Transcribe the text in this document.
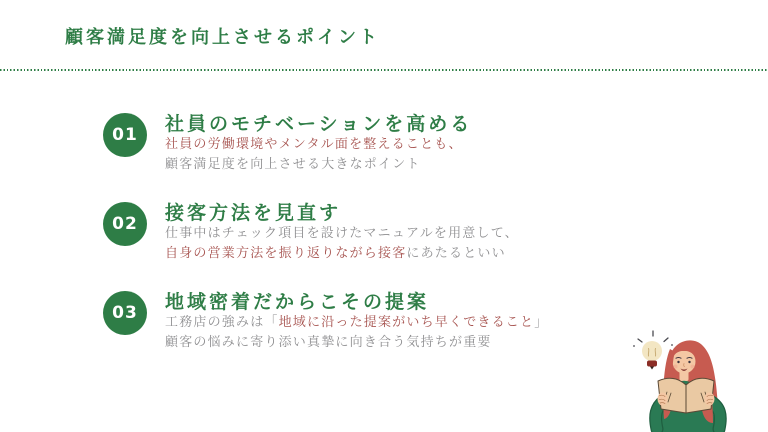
顧客満足度を向上させるポイント
01	社員のモチベーションを高める

社員の労働環境やメンタル面を整えることも、

顧客満足度を向上させる大きなポイント

02	接客方法を見直す

仕事中はチェック項目を設けたマニュアルを用意して、

自身の営業方法を振り返りながら接客にあたるといい

03	地域密着だからこその提案

工務店の強みは「地域に沿った提案がいち早くできること」

顧客の悩みに寄り添い真摯に向き合う気持ちが重要
